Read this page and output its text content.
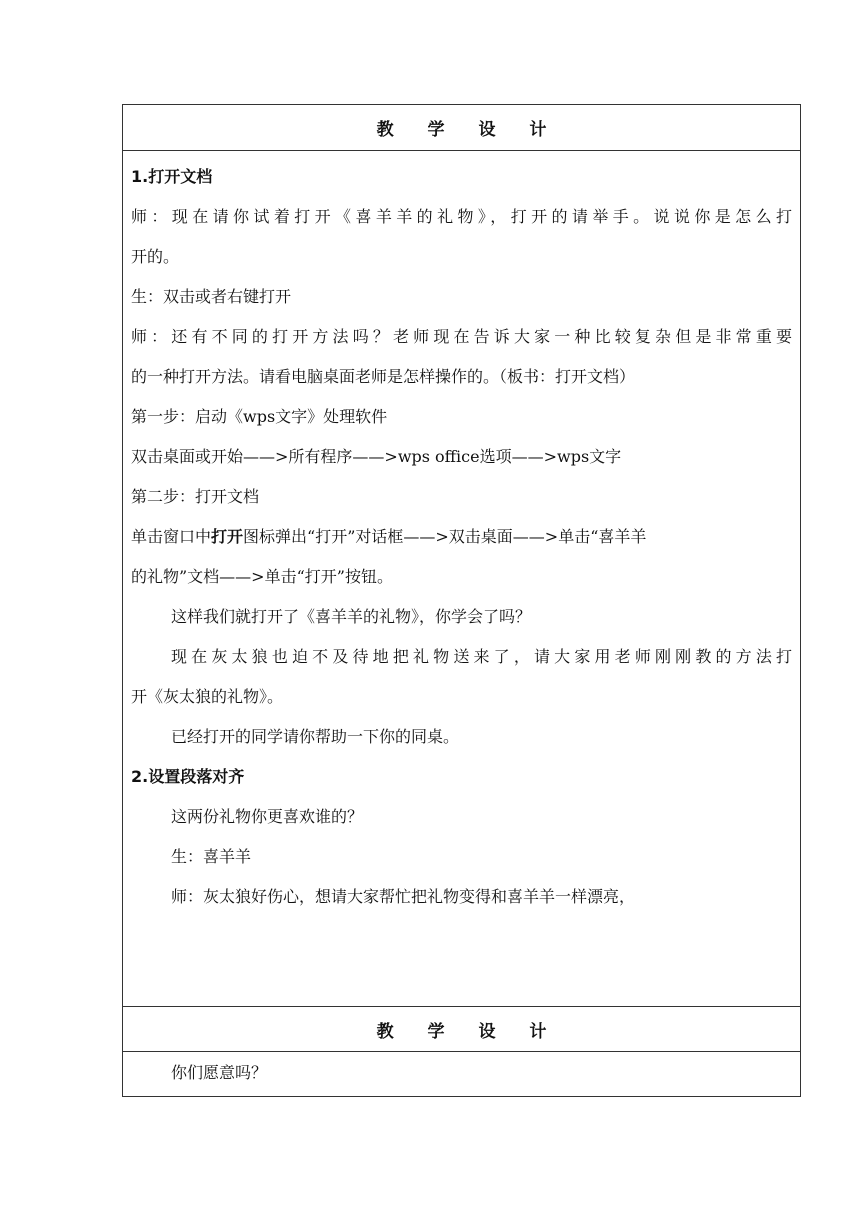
教 学 设 计
1.打开文档
师：现在请你试着打开《喜羊羊的礼物》，打开的请举手。说说你是怎么打
开的。
生：双击或者右键打开
师：还有不同的打开方法吗？老师现在告诉大家一种比较复杂但是非常重要
的一种打开方法。请看电脑桌面老师是怎样操作的。（板书：打开文档）
第一步：启动《wps文字》处理软件
双击桌面或开始——>所有程序——>wps office选项——>wps文字
第二步：打开文档
单击窗口中打开图标弹出“打开”对话框——>双击桌面——>单击“喜羊羊
的礼物”文档——>单击“打开”按钮。
这样我们就打开了《喜羊羊的礼物》，你学会了吗？
现在灰太狼也迫不及待地把礼物送来了，请大家用老师刚刚教的方法打
开《灰太狼的礼物》。
已经打开的同学请你帮助一下你的同桌。
2.设置段落对齐
这两份礼物你更喜欢谁的？
生：喜羊羊
师：灰太狼好伤心，想请大家帮忙把礼物变得和喜羊羊一样漂亮，
教 学 设 计
你们愿意吗？
